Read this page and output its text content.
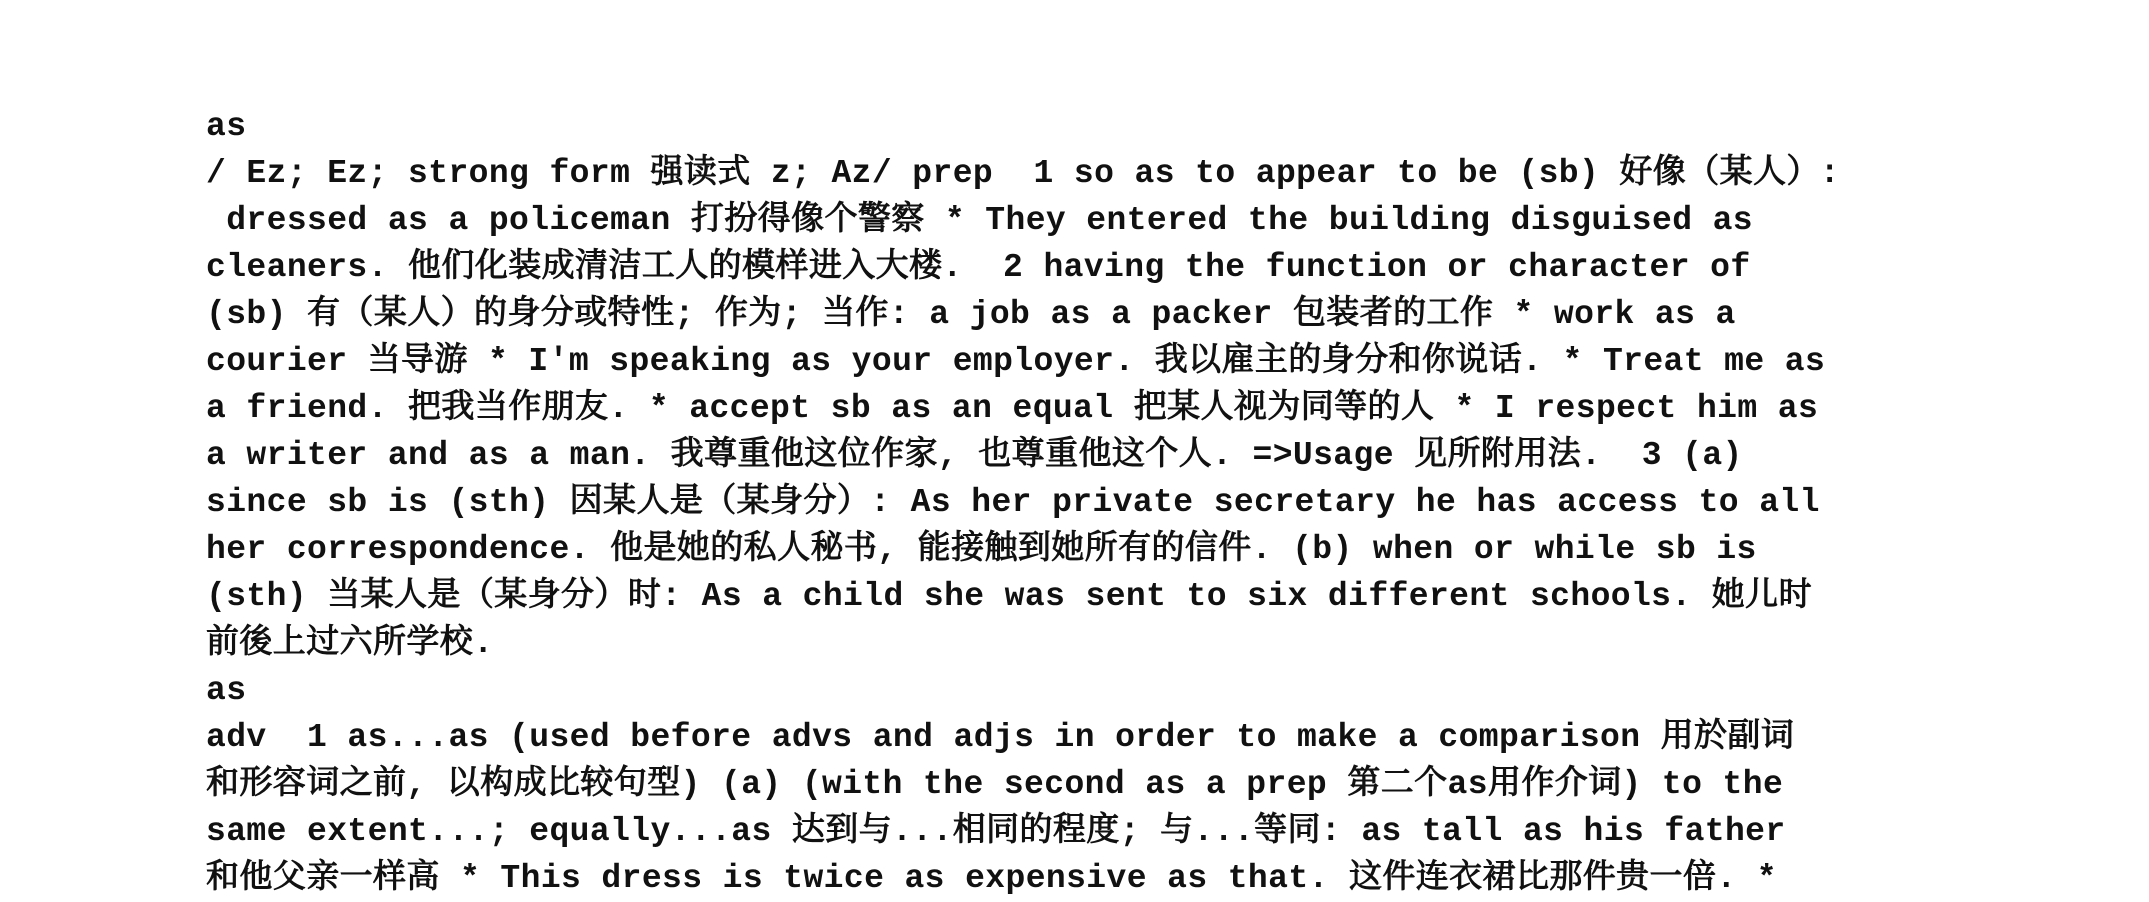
as
/ Ez; Ez; strong form 强读式 z; Az/ prep  1 so as to appear to be (sb) 好像（某人）:
dressed as a policeman 打扮得像个警察 * They entered the building disguised as
cleaners. 他们化装成清洁工人的模样进入大楼.  2 having the function or character of
(sb) 有（某人）的身分或特性; 作为; 当作: a job as a packer 包装者的工作 * work as a
courier 当导游 * I'm speaking as your employer. 我以雇主的身分和你说话. * Treat me as
a friend. 把我当作朋友. * accept sb as an equal 把某人视为同等的人 * I respect him as
a writer and as a man. 我尊重他这位作家, 也尊重他这个人. =>Usage 见所附用法.  3 (a)
since sb is (sth) 因某人是（某身分）: As her private secretary he has access to all
her correspondence. 他是她的私人秘书, 能接触到她所有的信件. (b) when or while sb is
(sth) 当某人是（某身分）时: As a child she was sent to six different schools. 她儿时
前後上过六所学校.
as
adv  1 as...as (used before advs and adjs in order to make a comparison 用於副词
和形容词之前, 以构成比较句型) (a) (with the second as a prep 第二个as用作介词) to the
same extent...; equally...as 达到与...相同的程度; 与...等同: as tall as his father
和他父亲一样高 * This dress is twice as expensive as that. 这件连衣裙比那件贵一倍. *
